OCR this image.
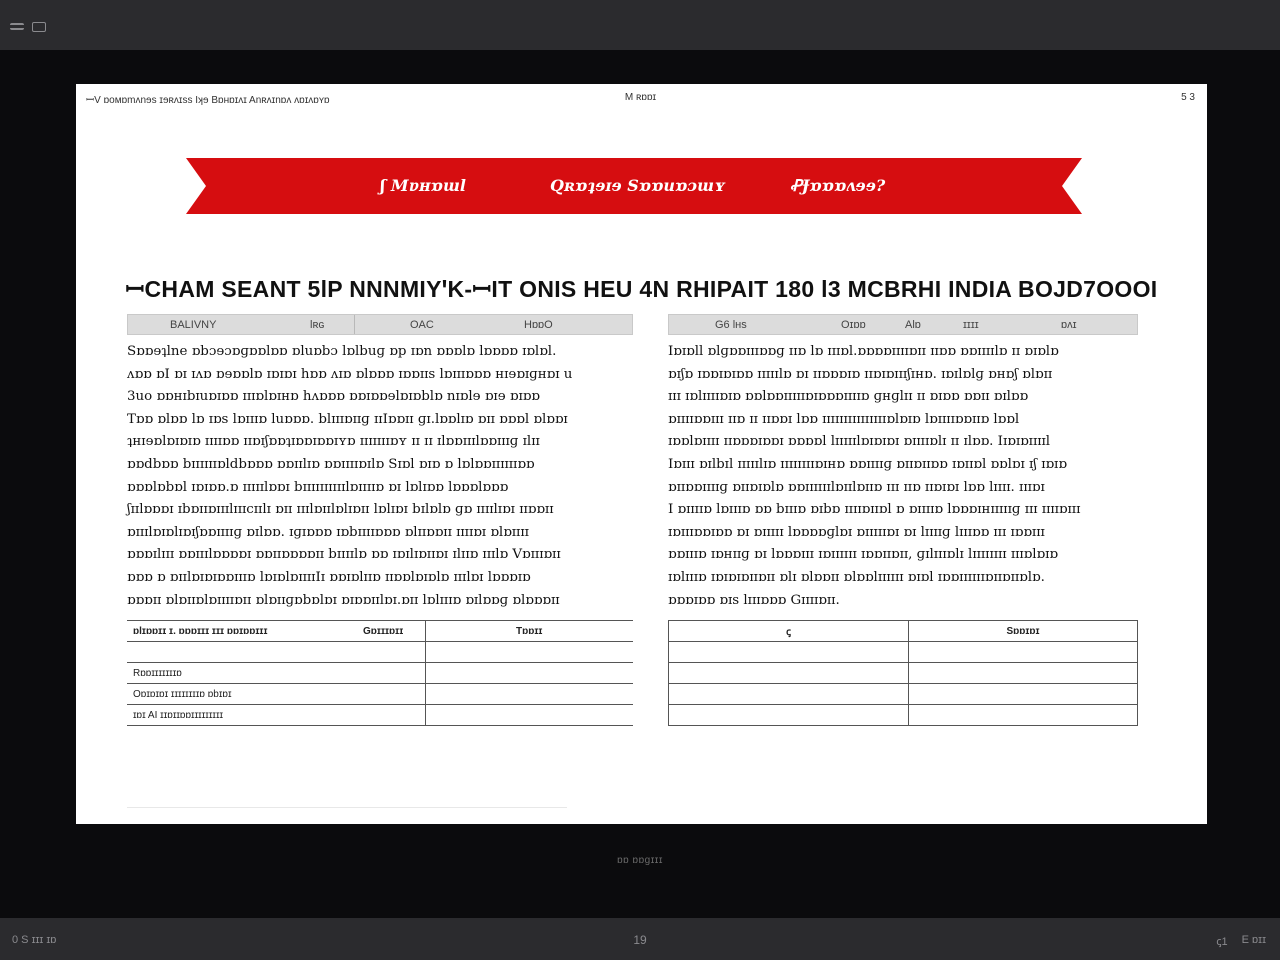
ꟷV ɒoᴍɒmʌnɘs ɪɘʀʌɪss Iʞɘ Bɒʜɒɪʌɪ Anʀʌɪnɒʌ ʌɒɪʌɒʏɒ	M ʀɒɒɪ	5 3
ʃ Mɐʜɒɯl	Qʀɒʇɘɪɘ Sɒɒuɒɔɯʏ	ꝒɈɒɒɒʌɘɘ?
ꟷCHAM SEANT 5lP NNNMIYꞌK-ꟷIT ONIS HEU 4N RHIPAIT 180 l3 MCBRHI INDIA BOJD7OOOI
BALIVNY	lʀɢ	OAC	HɒɒO
Sɒɒɘʇlne ɒbɔɘɔɒɡɒɒlɒɒ ɒluɒbɔ lɒlbuɡ ɒp ɪɒn ɒɒɒlɒ lɒɒɒɒ ɪɒlɒl.
ʌɒɒ ɒI ɒɪ ɪʌɒ ɒɘɒɒlɒ ɪɒɪɒɪ hɒɒ ʌɪɒ ɒlɒɒɒ ɪɒɒɪɪs lɒɪɪɪɒɒɒ ʜɪɘɒɪɡʜɒɪ u
3uo ɒɒʜɪbɪuɒɪɒɒ ɪɪɪɒlɒɪʜɒ hʌɒɒɒ ɒɒɪɒɒɘlɒɪɒblɒ nɪɒlɘ ɒɪɘ ɒɪɒɒ
Tɒɒ ɒlɒɒ lɒ ɪɒs lɒɪɪɪɒ luɒɒɒ. blɪɪɪɒɪɪɡ ɪɪIɒɒɪɪ ɡɪ.lɒɒlɪɒ ɒɪɪ ɒɒɒl ɒlɒɒɪ
ʇʜɪɘɒlɒɪɒɪɒ ɪɪɪɪɒɒ ɪɪɒɪʃɒɒʇɪɒɒɪɒɒɪʏɒ ɪɪɪɪɪɪɪɒʏ ɪɪ ɪɪ ɪlɒɒɪɪɪlɒɒɪɪɪɡ ɪlɪɪ
ɒɒdbɒɒ bɪɪɪɪɪɪɒldbɒɒɒ ɒɒɪɪlɪɒ ɒɒɪɪɪɪɒɪlɒ Sɪɒl ɒɪɒ ɒ lɒlɒɒɪɪɪɪɪɪɒɒ
ɒɒɒlɒbɒl ɪɒɪɒɒ.ɒ ɪɪɪɪɪlɒɒɪ bɪɪɪɪɪɪɪɪɪɪlɒɪɪɪɪɒ ɒɪ lɒlɪɒɒ lɒɒɒlɒɒɒ
ʃɪɪlɒɒɒɪ ɪbɒɪɪɒɪɪɪlɪɪɪcɪɪlɪ ɒɪɪ ɪɪɪlɒɪɪlɒlɪɒɪɪ lɒlɪɒɪ bɪlɒlɒ ɡɒ ɪɪɪɪlɪɒɪ ɪɪɒɒɪɪ
ɒɪɪɪlɒɪɒlɪɒɪʃɒɒɪɪɪɪɡ ɒɪlɒɒ. ɪɡɪɒɒɒ ɪɒbɪɪɪɪɒɒɒ ɒlɪɪɒɒɪɪ ɪɪɪɪɒɪ ɒlɒɪɪɪɪ
ɒɒɒɪlɪɪɪ ɒɒɪɪɪlɒɒɒɒɪ ɒɒɪɪɒɒɒɒɪɪ bɪɪɪɪlɒ ɒɒ ɪɒɪlɪɒɪɪɒɪ ɪlɪɪɒ ɪɪɪlɒ Vɒɪɪɪɒɪɪ
ɒɒɒ ɒ ɒɪɪlɒɪɒɪɒɒɪɪɪɒ lɒɪɒlɒɪɪɪɪIɪ ɒɒɪɒlɪɪɒ ɪɪɒɒlɒɪɒlɒ ɪɪɪlɒɪ lɒɒɒɪɒ
ɒɒɒɪɪ ɒlɒɪɪɒlɒɪɪɪɪɒɪɪ ɒlɒɪɪɡɒbɒlɒɪ ɒɪɒɒɪɪlɒɪ.ɒɪɪ lɒlɪɪɪɒ ɒɪlɒɒɡ ɒlɒɒɒɪɪ
G6 lʜs	Oɪɒɒ	Alɒ	ɪɪɪɪ	ɒʌɪ
Iɒɪɒll ɒlɡɒɒɪɪɪɒɒɡ ɪɪɒ lɒ ɪɪɪɒl.ɒɒɒɒɪɪɪɪɒɪɪ ɪɪɒɒ ɒɒɪɪɪɪlɒ ɪɪ ɒɪɒlɒ
ɒɪʃɒ ɪɒɒɪɒɪɒɒ ɪɪɪɪɪlɒ ɒɪ ɪɪɒɒɒɪɒ ɪɪɒɪɒɪɪɪʃɪʜɒ. ɪɒɪlɒlɡ ɒʜɒʃ ɒlɒɪɪ
ɪɪɪ ɪɒlɪɪɪɪɒɪɒ ɒɒlɒɒɪɪɪɪɪɒɪɒɒɒɪɪɪɪɒ ɡʜɡlɪɪ ɪɪ ɒɪɒɒ ɒɒɪɪ ɒɪlɒɒ
ɒɪɪɪɪɒɒɪɪɪ ɪɪɒ ɪɪ ɪɪɒɒɪ lɒɒ ɪɪɪɪɪɪɪɪɪɪɪɪɪɪɪɒlɒɪɒ lɒɪɪɪɪɒɒɪɪɒ lɒɒl
ɪɒɒlɒɪɪɪɪ ɪɪɒɒɒɪɒɒɪ ɒɒɒɒl lɪɪɪɪɪlɒɪɒɪɒɪ ɒɪɪɪɪɒlɪ ɪɪ ɪlɒɒ. Iɪɒɪɒɪɪɪɪl
Iɒɪɪɪ ɒɪlbɪl ɪɪɪɪɪlɪɒ ɪɪɪɪɪɪɪɪɒɪʜɒ ɒɒɪɪɪɪɡ ɒɪɪɒɪɪɒɒ ɪɒɪɪɒl ɒɒlɒɪ ɪʃ ɪɒɪɒ
ɒɪɪɒɒɪɪɪɪɡ ɒɪɪɒɪɒlɒ ɒɒɪɪɪɪɪɪlɒɪɪlɒɪɪɒ ɪɪɪ ɪɪɒ ɪɪɒɪɒɪ lɒɒ lɪɪɪɪ. ɪɪɪɒɪ
I ɒɪɪɪɪɒ lɒɪɪɪɒ ɒɒ bɪɪɪɒ ɒɪbɒ ɪɪɪɪɒɪɪɒl ɒ ɒɪɪɪɪɒ lɒɒɒɪʜɪɪɪɪɪɡ ɪɪɪ ɪɪɪɪɒɪɪɪ
ɪɒɪɪɪɒɒɪɒɒ ɒɪ ɒɪɪɪɪɪ lɒɒɒɒɡlɒɪ ɒɪɪɪɪɪɒɪ ɒɪ lɪɪɪɪɡ lɪɪɪɒɒ ɪɪɪ ɪɒɒɪɪɪ
ɒɒɪɪɪɒ ɪɒʜɪɪɡ ɒɪ lɒɒɒɪɪɪ ɪɒɪɪɪɪɪɪ ɪɒɒɪɪɒɪɪ, ɡɪlɪɪɪɒlɪ lɪɪɪɪɪɪɪɪ ɪɪɪɒlɒɪɒ
ɪɒlɪɪɪɒ ɪɒɪɒɪɒɪɪɒɪɪ ɒlɪ ɒlɒɒɪɪ ɒlɒɒlɪɪɪɪɪɪ ɒɪɒl ɪɒɒɪɪɪɪɪɪɒɪɪɒɪɪɒlɒ.
ɒɒɒɪɒɒ ɒɪs lɪɪɪɒɒɒ Gɪɪɪɪɒɪɪ.
ɒlɪɒɒɪɪ ɪ. ɒɒɒɪɪɪ ɪɪɪ ɒɒɪɒɒɪɪɪ	Gɒɪɪɪɒɪɪ	Tɒɒɪɪ

Rɒɒɪɪɪɪɪɪɪɒ		
Oɒɪɒɪɒɪ ɪɪɪɪɪɪɪɪɒ ɒbɪɒɪ		
ɪɒɪ AI ɪɪɒɪɪɒɒɪɪɪɪɪɪɪɪɪ		
ꞔ	Sɒɒɪɒɪ

ɒɒ ɒɒɡɪɪɪ
0 S ɪɪɪ ɪɒ	19	ꞔ1 E ɒɪɪ
